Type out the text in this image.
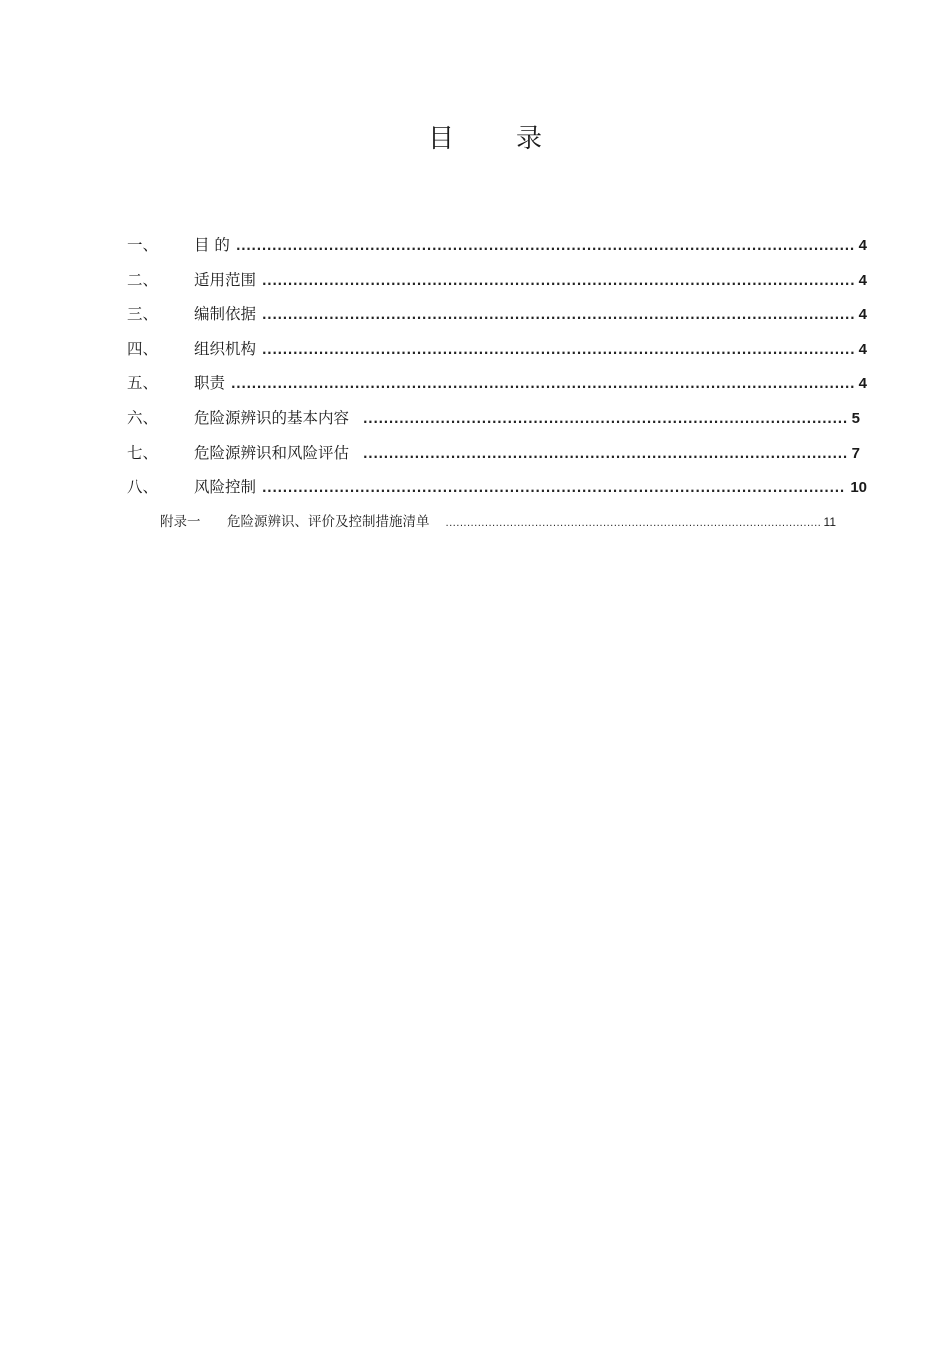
目 录
一、	目 的 .....	4
二、	适用范围 .....	4
三、	编制依据 .....	4
四、	组织机构 .....	4
五、	职责 .....	4
六、	危险源辨识的基本内容 .....	5
七、	危险源辨识和风险评估 .....	7
八、	风险控制 .....	10
附录一	危险源辨识、评价及控制措施清单 .....	11
